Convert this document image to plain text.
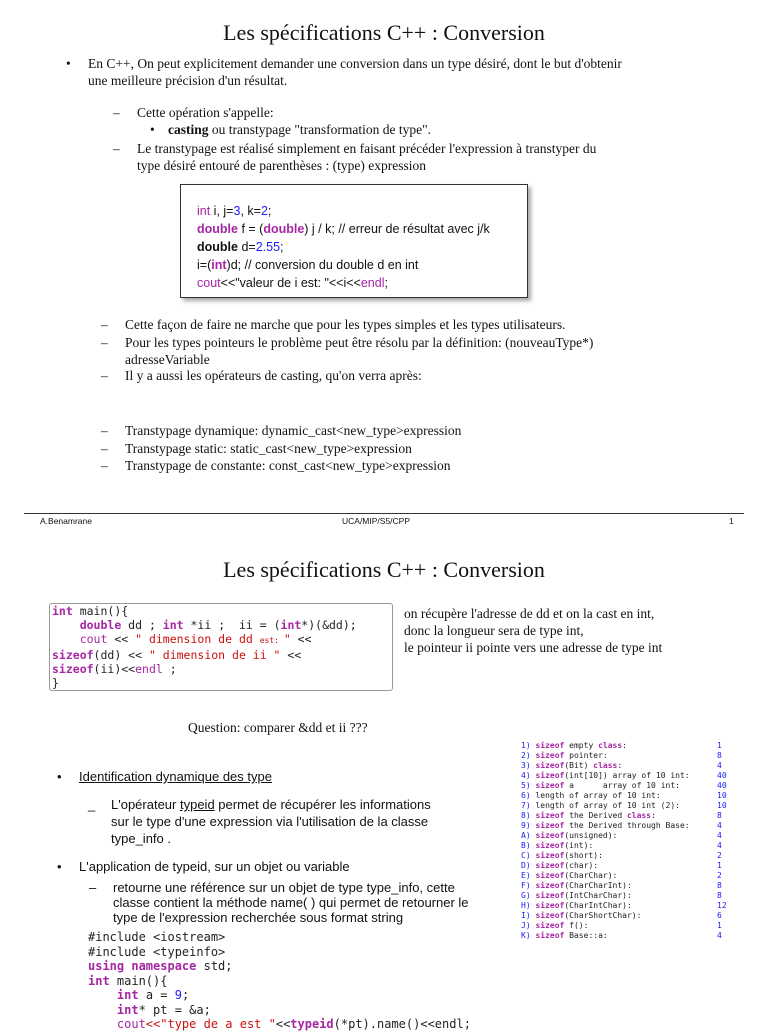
Les spécifications C++ : Conversion
• En C++, On peut explicitement demander une conversion dans un type désiré, dont le but d'obtenir
une meilleure précision d'un résultat.
– Cette opération s'appelle:
• casting ou transtypage "transformation de type".
– Le transtypage est réalisé simplement en faisant précéder l'expression à transtyper du
type désiré entouré de parenthèses : (type) expression
int i, j=3, k=2;
double f = (double) j / k; // erreur de résultat avec j/k
double d=2.55;
i=(int)d; // conversion du double d en int
cout<<"valeur de i est: "<<i<<endl;
– Cette façon de faire ne marche que pour les types simples et les types utilisateurs.
– Pour les types pointeurs le problème peut être résolu par la définition: (nouveauType*)
adresseVariable
– Il y a aussi les opérateurs de casting, qu'on verra après:
– Transtypage dynamique: dynamic_cast<new_type>expression
– Transtypage static: static_cast<new_type>expression
– Transtypage de constante: const_cast<new_type>expression
A.Benamrane	UCA/MIP/S5/CPP	1
Les spécifications C++ : Conversion
int main(){
double dd ; int *ii ;  ii = (int*)(&dd);
cout << " dimension de dd est: " <<
sizeof(dd) << " dimension de ii " <<
sizeof(ii)<<endl ;
}
on récupère l'adresse de dd et on la cast en int,
donc la longueur sera de type int,
le pointeur ii pointe vers une adresse de type int
Question: comparer &dd et ii ???
1) sizeof empty class:	1
2) sizeof pointer:	8
3) sizeof(Bit) class:	4
4) sizeof(int[10]) array of 10 int:	40
5) sizeof a      array of 10 int:	40
6) length of array of 10 int:	10
7) length of array of 10 int (2):	10
8) sizeof the Derived class:	8
9) sizeof the Derived through Base:	4
A) sizeof(unsigned):	4
B) sizeof(int):	4
C) sizeof(short):	2
D) sizeof(char):	1
E) sizeof(CharChar):	2
F) sizeof(CharCharInt):	8
G) sizeof(IntCharChar):	8
H) sizeof(CharIntChar):	12
I) sizeof(CharShortChar):	6
J) sizeof f():	1
K) sizeof Base::a:	4
• Identification dynamique des type
_ L'opérateur typeid permet de récupérer les informations
sur le type d'une expression via l'utilisation de la classe
type_info .
• L'application de typeid, sur un objet ou variable
– retourne une référence sur un objet de type type_info, cette
classe contient la méthode name( ) qui permet de retourner le
type de l'expression recherchée sous format string
#include <iostream>
#include <typeinfo>
using namespace std;
int main(){
int a = 9;
int* pt = &a;
cout<<"type de a est "<<typeid(*pt).name()<<endl;
